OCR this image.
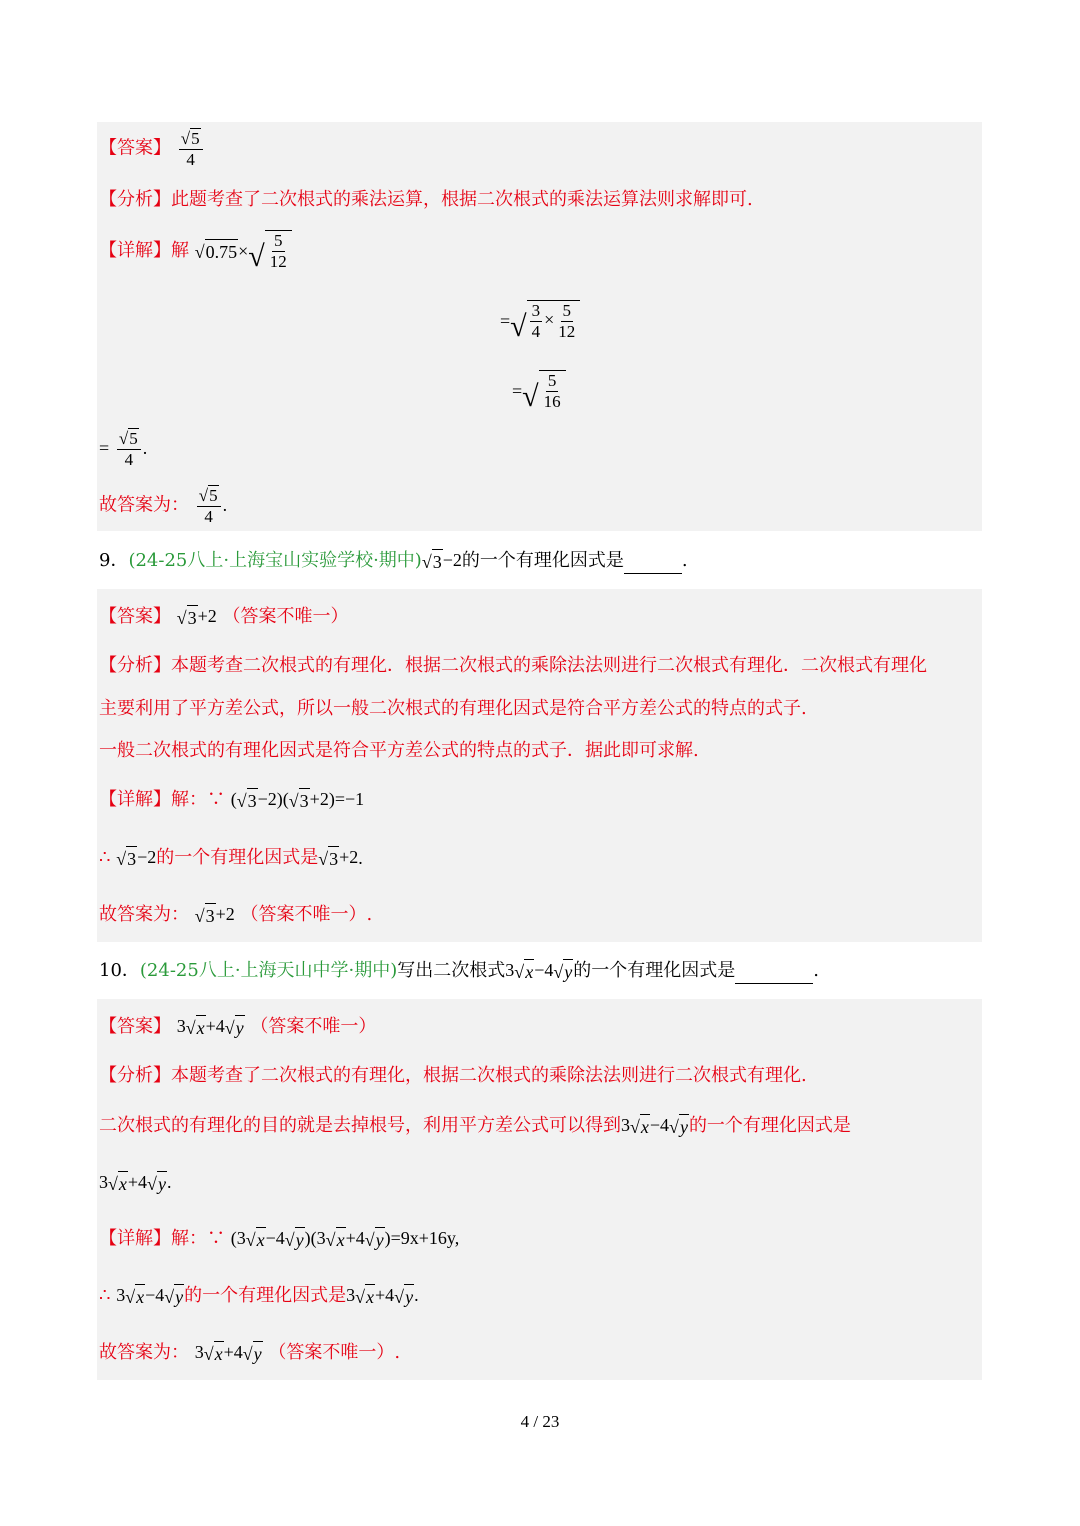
【答案】 $\frac{√5}{4}$
【分析】此题考查了二次根式的乘法运算，根据二次根式的乘法运算法则求解即可.
【详解】解 $√0.75\times√ \frac{5}{12}$
=√ $\frac{3}{4} \times \frac{5}{12}$
=√ $\frac{5}{16}$
= $\frac{√5}{4}$ .
故答案为： $\frac{√5}{4}$ .
9．(24-25八上·上海宝山实验学校·期中)√3−2的一个有理化因式是	.
【答案】 √3+2 （答案不唯一）
【分析】本题考查二次根式的有理化．根据二次根式的乘除法法则进行二次根式有理化．二次根式有理化
主要利用了平方差公式，所以一般二次根式的有理化因式是符合平方差公式的特点的式子.
一般二次根式的有理化因式是符合平方差公式的特点的式子．据此即可求解.
【详解】解：∵ (√3−2)(√3+2)=−1
∴ √3−2的一个有理化因式是√3+2.
故答案为： √3+2 （答案不唯一）.
10．(24-25八上·上海天山中学·期中)写出二次根式3√x−4√y的一个有理化因式是	.
【答案】 3√x+4√y （答案不唯一）
【分析】本题考查了二次根式的有理化，根据二次根式的乘除法法则进行二次根式有理化.
二次根式的有理化的目的就是去掉根号，利用平方差公式可以得到3√x−4√y的一个有理化因式是
3√x+4√y.
【详解】解：∵ (3√x−4√y)(3√x+4√y)=9x+16y,
∴ 3√x−4√y的一个有理化因式是3√x+4√y.
故答案为： 3√x+4√y （答案不唯一）.
4 / 23
